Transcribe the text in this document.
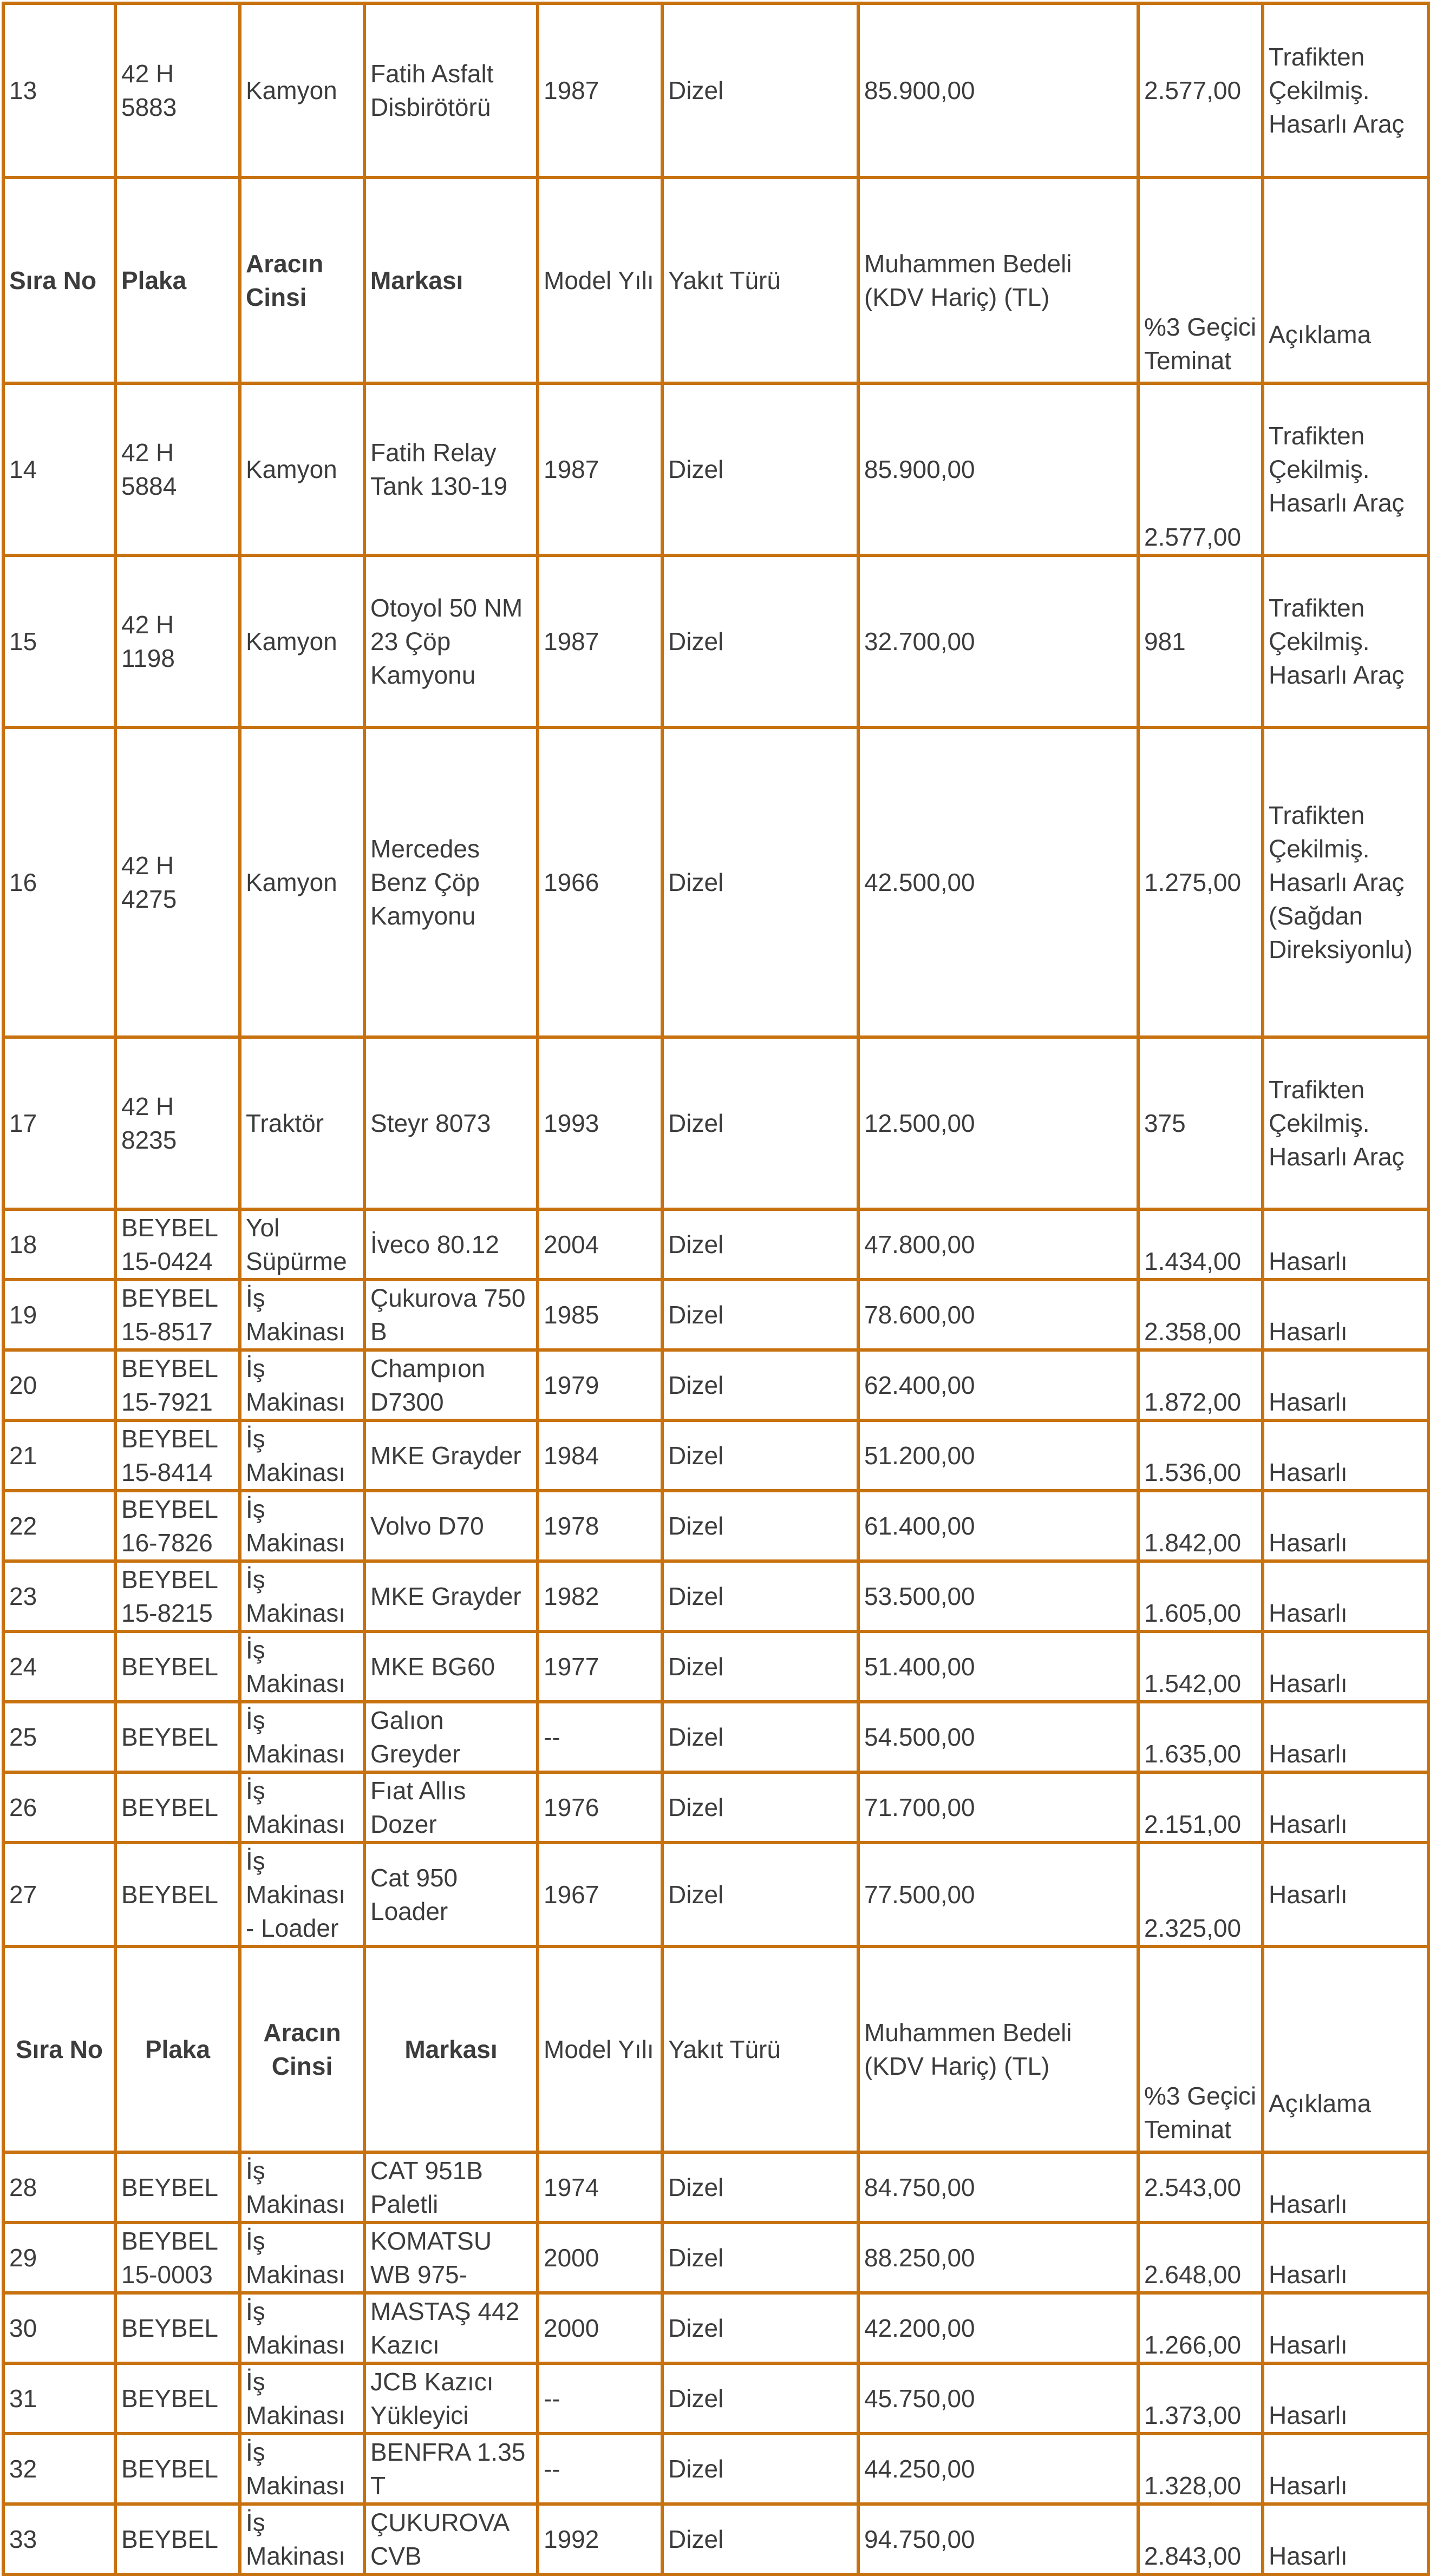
13	42 H 5883	Kamyon	Fatih Asfalt Disbirötörü	1987	Dizel	85.900,00	2.577,00	Trafikten Çekilmiş. Hasarlı Araç
Sıra No	Plaka	Aracın Cinsi	Markası	Model Yılı	Yakıt Türü	Muhammen Bedeli (KDV Hariç) (TL)	%3 Geçici Teminat	Açıklama
14	42 H 5884	Kamyon	Fatih Relay Tank 130-19	1987	Dizel	85.900,00	2.577,00	Trafikten Çekilmiş. Hasarlı Araç
15	42 H 1198	Kamyon	Otoyol 50 NM 23 Çöp Kamyonu	1987	Dizel	32.700,00	981	Trafikten Çekilmiş. Hasarlı Araç
16	42 H 4275	Kamyon	Mercedes Benz Çöp Kamyonu	1966	Dizel	42.500,00	1.275,00	Trafikten Çekilmiş. Hasarlı Araç (Sağdan Direksiyonlu)
17	42 H 8235	Traktör	Steyr 8073	1993	Dizel	12.500,00	375	Trafikten Çekilmiş. Hasarlı Araç
18	BEYBEL 15-0424	Yol Süpürme	İveco 80.12	2004	Dizel	47.800,00	1.434,00	Hasarlı
19	BEYBEL 15-8517	İş Makinası	Çukurova 750 B	1985	Dizel	78.600,00	2.358,00	Hasarlı
20	BEYBEL 15-7921	İş Makinası	Champıon D7300	1979	Dizel	62.400,00	1.872,00	Hasarlı
21	BEYBEL 15-8414	İş Makinası	MKE Grayder	1984	Dizel	51.200,00	1.536,00	Hasarlı
22	BEYBEL 16-7826	İş Makinası	Volvo D70	1978	Dizel	61.400,00	1.842,00	Hasarlı
23	BEYBEL 15-8215	İş Makinası	MKE Grayder	1982	Dizel	53.500,00	1.605,00	Hasarlı
24	BEYBEL	İş Makinası	MKE BG60	1977	Dizel	51.400,00	1.542,00	Hasarlı
25	BEYBEL	İş Makinası	Galıon Greyder	--	Dizel	54.500,00	1.635,00	Hasarlı
26	BEYBEL	İş Makinası	Fıat Allıs Dozer	1976	Dizel	71.700,00	2.151,00	Hasarlı
27	BEYBEL	İş Makinası - Loader	Cat 950 Loader	1967	Dizel	77.500,00	2.325,00	Hasarlı
Sıra No	Plaka	Aracın Cinsi	Markası	Model Yılı	Yakıt Türü	Muhammen Bedeli (KDV Hariç) (TL)	%3 Geçici Teminat	Açıklama
28	BEYBEL	İş Makinası	CAT 951B Paletli	1974	Dizel	84.750,00	2.543,00	Hasarlı
29	BEYBEL 15-0003	İş Makinası	KOMATSU WB 975-	2000	Dizel	88.250,00	2.648,00	Hasarlı
30	BEYBEL	İş Makinası	MASTAŞ 442 Kazıcı	2000	Dizel	42.200,00	1.266,00	Hasarlı
31	BEYBEL	İş Makinası	JCB Kazıcı Yükleyici	--	Dizel	45.750,00	1.373,00	Hasarlı
32	BEYBEL	İş Makinası	BENFRA 1.35 T	--	Dizel	44.250,00	1.328,00	Hasarlı
33	BEYBEL	İş Makinası	ÇUKUROVA CVB	1992	Dizel	94.750,00	2.843,00	Hasarlı
